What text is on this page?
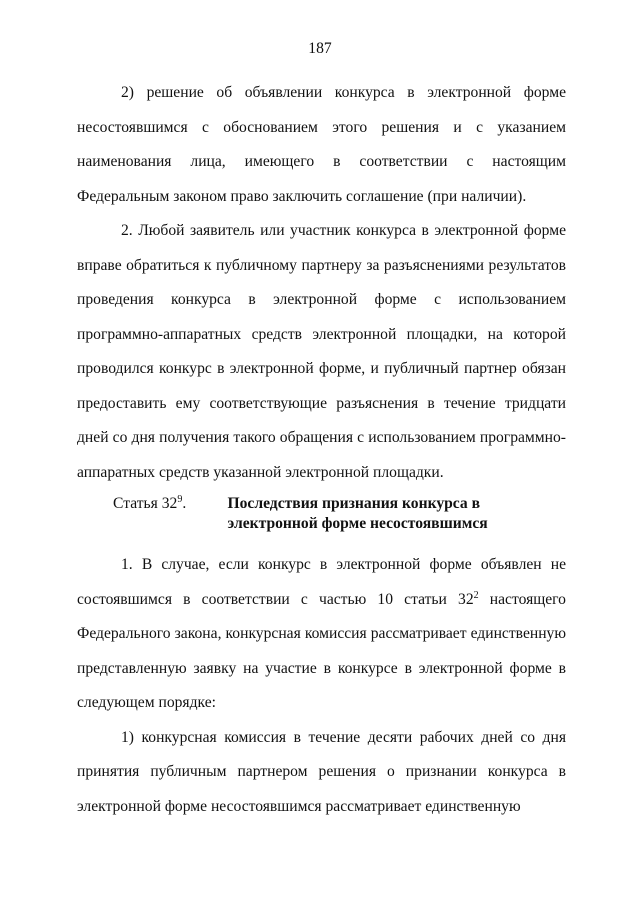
187

2) решение об объявлении конкурса в электронной форме несостоявшимся с обоснованием этого решения и с указанием наименования лица, имеющего в соответствии с настоящим Федеральным законом право заключить соглашение (при наличии).

2. Любой заявитель или участник конкурса в электронной форме вправе обратиться к публичному партнеру за разъяснениями результатов проведения конкурса в электронной форме с использованием программно-аппаратных средств электронной площадки, на которой проводился конкурс в электронной форме, и публичный партнер обязан предоставить ему соответствующие разъяснения в течение тридцати дней со дня получения такого обращения с использованием программно-аппаратных средств указанной электронной площадки.

Статья $32^9$.	Последствия признания конкурса в электронной форме несостоявшимся

1. В случае, если конкурс в электронной форме объявлен не состоявшимся в соответствии с частью 10 статьи $32^2$ настоящего Федерального закона, конкурсная комиссия рассматривает единственную представленную заявку на участие в конкурсе в электронной форме в следующем порядке:

1) конкурсная комиссия в течение десяти рабочих дней со дня принятия публичным партнером решения о признании конкурса в электронной форме несостоявшимся рассматривает единственную
